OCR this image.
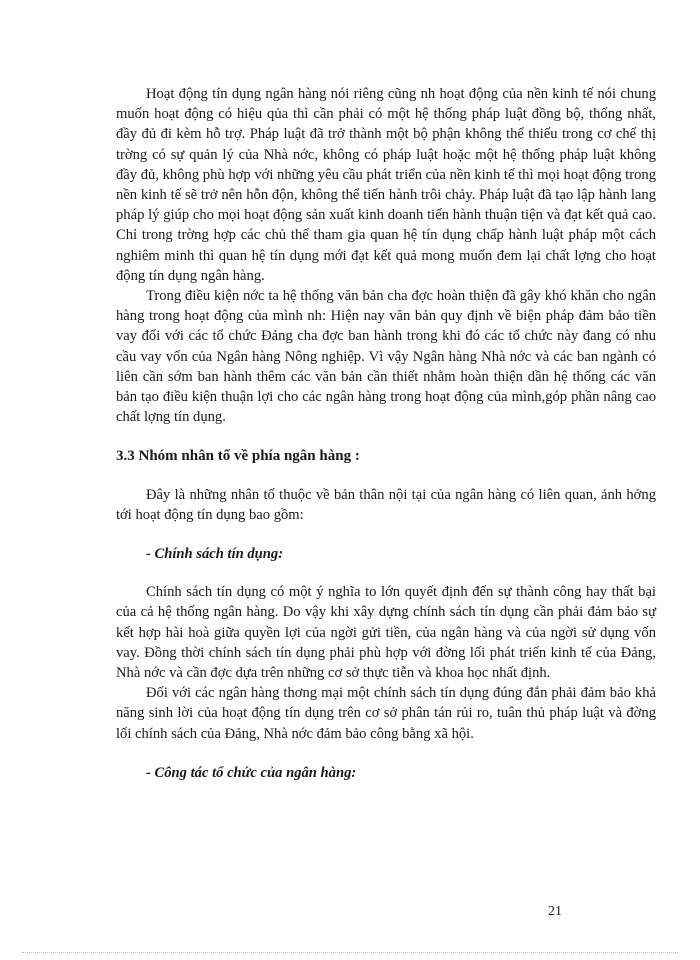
Hoạt động tín dụng ngân hàng nói riêng cũng nh hoạt động của nền kinh tế nói chung muốn hoạt động có hiệu qủa thì cần phải có một hệ thống pháp luật đồng bộ, thống nhất, đầy đủ đi kèm hỗ trợ. Pháp luật đã trở thành một bộ phận không thể thiếu trong cơ chế thị trờng có sự quản lý của Nhà nớc, không có pháp luật hoặc một hệ thống pháp luật không đầy đủ, không phù hợp với những yêu cầu phát triển của nền kinh tế thì mọi hoạt động trong nền kinh tế sẽ trở nên hỗn độn, không thể tiến hành trôi chảy. Pháp luật đã tạo lập hành lang pháp lý giúp cho mọi hoạt động sản xuất kinh doanh tiến hành thuận tiện và đạt kết quả cao. Chỉ trong trờng hợp các chủ thể tham gia quan hệ tín dụng chấp hành luật pháp một cách nghiêm minh thì quan hệ tín dụng mới đạt kết quả mong muốn đem lại chất lợng cho hoạt động tín dụng ngân hàng.

Trong điều kiện nớc ta hệ thống văn bản cha đợc hoàn thiện đã gây khó khăn cho ngân hàng trong hoạt động của mình nh: Hiện nay văn bản quy định về biện pháp đảm bảo tiền vay đối với các tổ chức Đảng cha đợc ban hành trong khi đó các tổ chức này đang có nhu cầu vay vốn của Ngân hàng Nông nghiệp. Vì vậy Ngân hàng Nhà nớc và các ban ngành có liên cần sớm ban hành thêm các văn bản cần thiết nhằm hoàn thiện dần hệ thống các văn bản tạo điều kiện thuận lợi cho các ngân hàng trong hoạt động của mình,góp phần nâng cao chất lợng tín dụng.

3.3 Nhóm nhân tố về phía ngân hàng :

Đây là những nhân tố thuộc về bản thân nội tại của ngân hàng có liên quan, ảnh hởng tới hoạt động tín dụng bao gồm:

- Chính sách tín dụng:

Chính sách tín dụng có một ý nghĩa to lớn quyết định đến sự thành công hay thất bại của cả hệ thống ngân hàng. Do vậy khi xây dựng chính sách tín dụng cần phải đảm bảo sự kết hợp hài hoà giữa quyền lợi của ngời gửi tiền, của ngân hàng và của ngời sử dụng vốn vay. Đồng thời chính sách tín dụng phải phù hợp với đờng lối phát triển kinh tế của Đảng, Nhà nớc và cần đợc dựa trên những cơ sở thực tiễn và khoa học nhất định.

Đối với các ngân hàng thơng mại một chính sách tín dụng đúng đắn phải đảm bảo khả năng sinh lời của hoạt động tín dụng trên cơ sở phân tán rủi ro, tuân thủ pháp luật và đờng lối chính sách của Đảng, Nhà nớc đảm bảo công bằng xã hội.

- Công tác tổ chức của ngân hàng:

21
